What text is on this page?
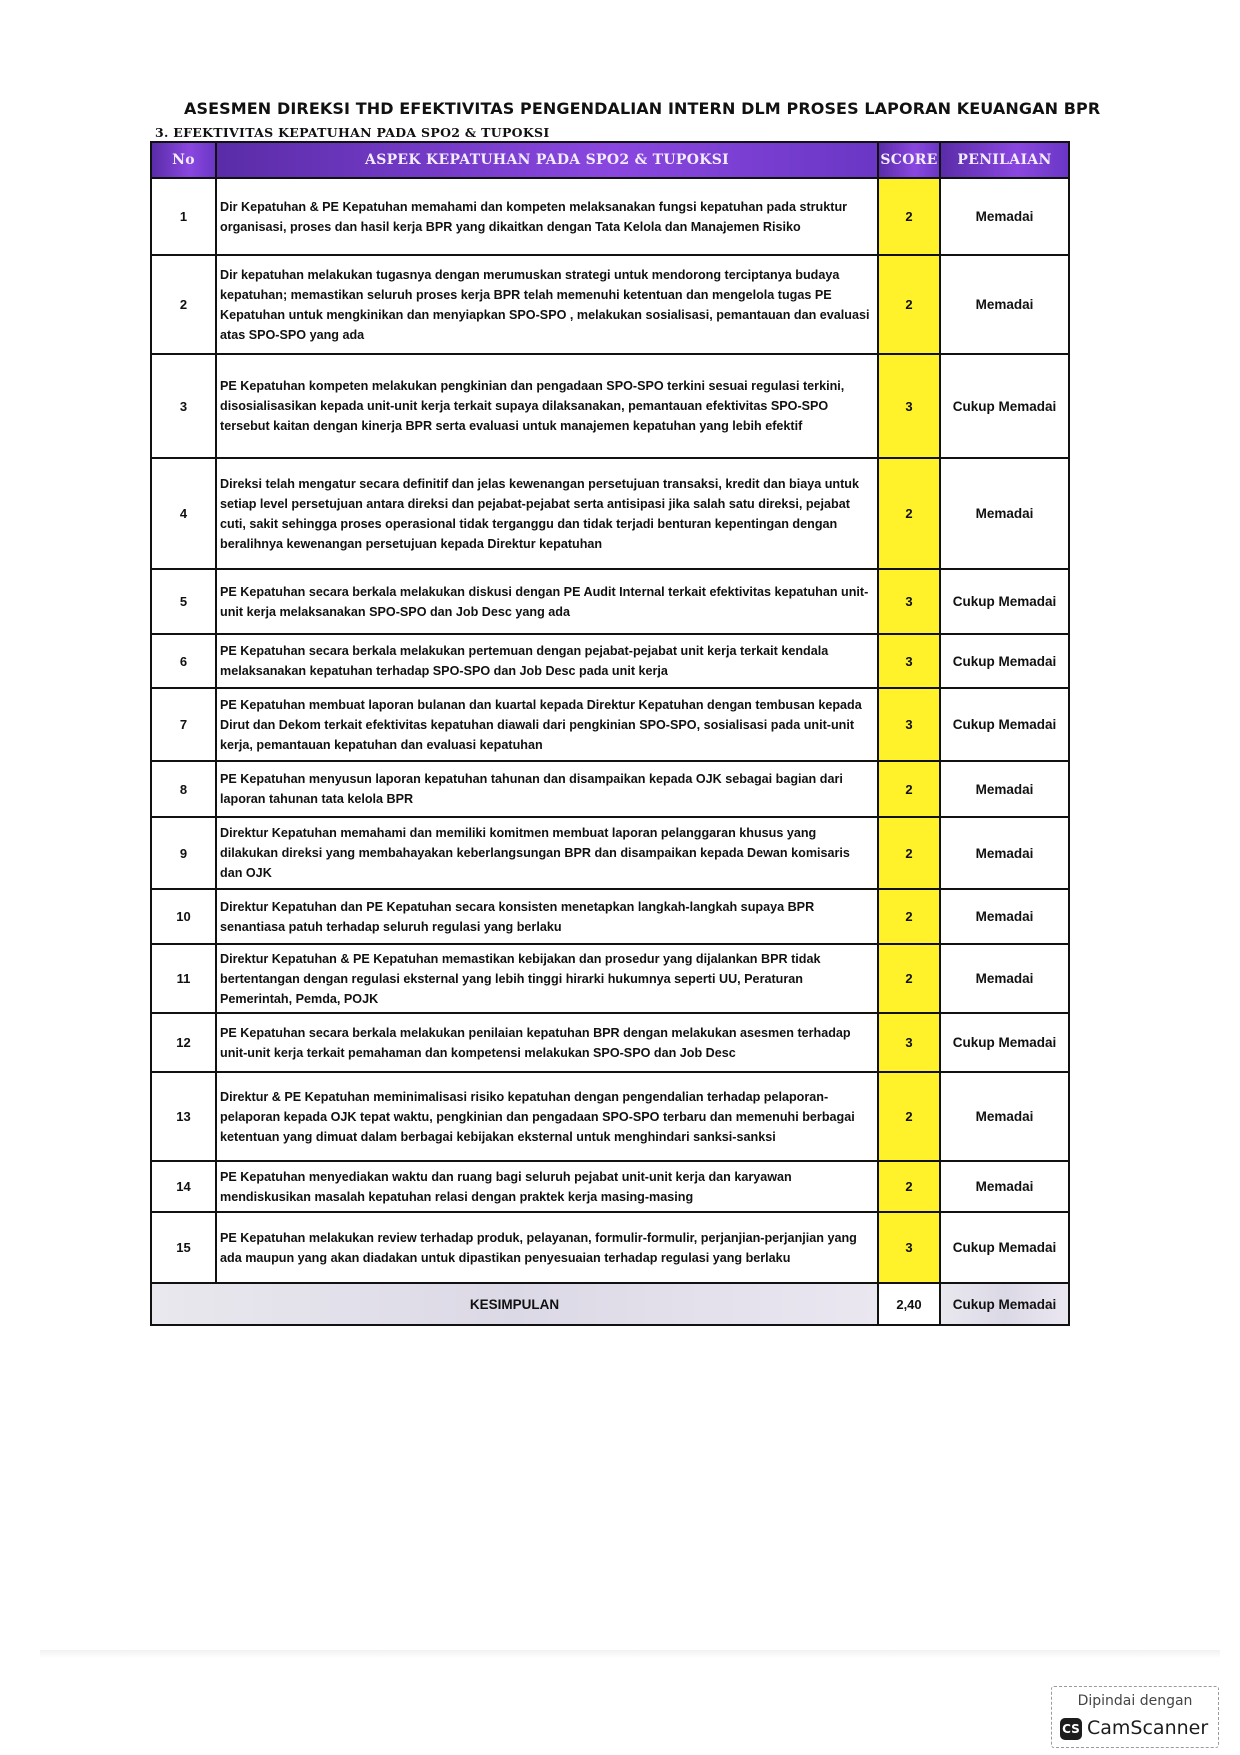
ASESMEN DIREKSI THD EFEKTIVITAS PENGENDALIAN INTERN DLM PROSES LAPORAN KEUANGAN BPR
3. EFEKTIVITAS KEPATUHAN PADA SPO2 & TUPOKSI
No	ASPEK KEPATUHAN PADA SPO2 & TUPOKSI	SCORE	PENILAIAN
1	Dir Kepatuhan & PE Kepatuhan memahami dan kompeten melaksanakan fungsi kepatuhan pada struktur organisasi, proses dan hasil kerja BPR yang dikaitkan dengan Tata Kelola dan Manajemen Risiko	2	Memadai
2	Dir kepatuhan melakukan tugasnya dengan merumuskan strategi untuk mendorong terciptanya budaya kepatuhan; memastikan seluruh proses kerja BPR telah memenuhi ketentuan dan mengelola tugas PE Kepatuhan untuk mengkinikan dan menyiapkan SPO-SPO , melakukan sosialisasi, pemantauan dan evaluasi atas SPO-SPO yang ada	2	Memadai
3	PE Kepatuhan kompeten melakukan pengkinian dan pengadaan SPO-SPO terkini sesuai regulasi terkini, disosialisasikan kepada unit-unit kerja terkait supaya dilaksanakan, pemantauan efektivitas SPO-SPO tersebut kaitan dengan kinerja BPR serta evaluasi untuk manajemen kepatuhan yang lebih efektif	3	Cukup Memadai
4	Direksi telah mengatur secara definitif dan jelas kewenangan persetujuan transaksi, kredit dan biaya untuk setiap level persetujuan antara direksi dan pejabat-pejabat serta antisipasi jika salah satu direksi, pejabat cuti, sakit sehingga proses operasional tidak terganggu dan tidak terjadi benturan kepentingan dengan beralihnya kewenangan persetujuan kepada Direktur kepatuhan	2	Memadai
5	PE Kepatuhan secara berkala melakukan diskusi dengan PE Audit Internal terkait efektivitas kepatuhan unit-unit kerja melaksanakan SPO-SPO dan Job Desc yang ada	3	Cukup Memadai
6	PE Kepatuhan secara berkala melakukan pertemuan dengan pejabat-pejabat unit kerja terkait kendala melaksanakan kepatuhan terhadap SPO-SPO dan Job Desc pada unit kerja	3	Cukup Memadai
7	PE Kepatuhan membuat laporan bulanan dan kuartal kepada Direktur Kepatuhan dengan tembusan kepada Dirut dan Dekom terkait efektivitas kepatuhan diawali dari pengkinian SPO-SPO, sosialisasi pada unit-unit kerja, pemantauan kepatuhan dan evaluasi kepatuhan	3	Cukup Memadai
8	PE Kepatuhan menyusun laporan kepatuhan tahunan dan disampaikan kepada OJK sebagai bagian dari laporan tahunan tata kelola BPR	2	Memadai
9	Direktur Kepatuhan memahami dan memiliki komitmen membuat laporan pelanggaran khusus yang dilakukan direksi yang membahayakan keberlangsungan BPR dan disampaikan kepada Dewan komisaris dan OJK	2	Memadai
10	Direktur Kepatuhan dan PE Kepatuhan secara konsisten menetapkan langkah-langkah supaya BPR senantiasa patuh terhadap seluruh regulasi yang berlaku	2	Memadai
11	Direktur Kepatuhan & PE Kepatuhan memastikan kebijakan dan prosedur yang dijalankan BPR tidak bertentangan dengan regulasi eksternal yang lebih tinggi hirarki hukumnya seperti UU, Peraturan Pemerintah, Pemda, POJK	2	Memadai
12	PE Kepatuhan secara berkala melakukan penilaian kepatuhan BPR dengan melakukan asesmen terhadap unit-unit kerja terkait pemahaman dan kompetensi melakukan SPO-SPO dan Job Desc	3	Cukup Memadai
13	Direktur & PE Kepatuhan meminimalisasi risiko kepatuhan dengan pengendalian terhadap pelaporan-pelaporan kepada OJK tepat waktu, pengkinian dan pengadaan SPO-SPO terbaru dan memenuhi berbagai ketentuan yang dimuat dalam berbagai kebijakan eksternal untuk menghindari sanksi-sanksi	2	Memadai
14	PE Kepatuhan menyediakan waktu dan ruang bagi seluruh pejabat unit-unit kerja dan karyawan mendiskusikan masalah kepatuhan relasi dengan praktek kerja masing-masing	2	Memadai
15	PE Kepatuhan melakukan review terhadap produk, pelayanan, formulir-formulir, perjanjian-perjanjian yang ada maupun yang akan diadakan untuk dipastikan penyesuaian terhadap regulasi yang berlaku	3	Cukup Memadai
KESIMPULAN		2,40	Cukup Memadai
Dipindai dengan
CS CamScanner
